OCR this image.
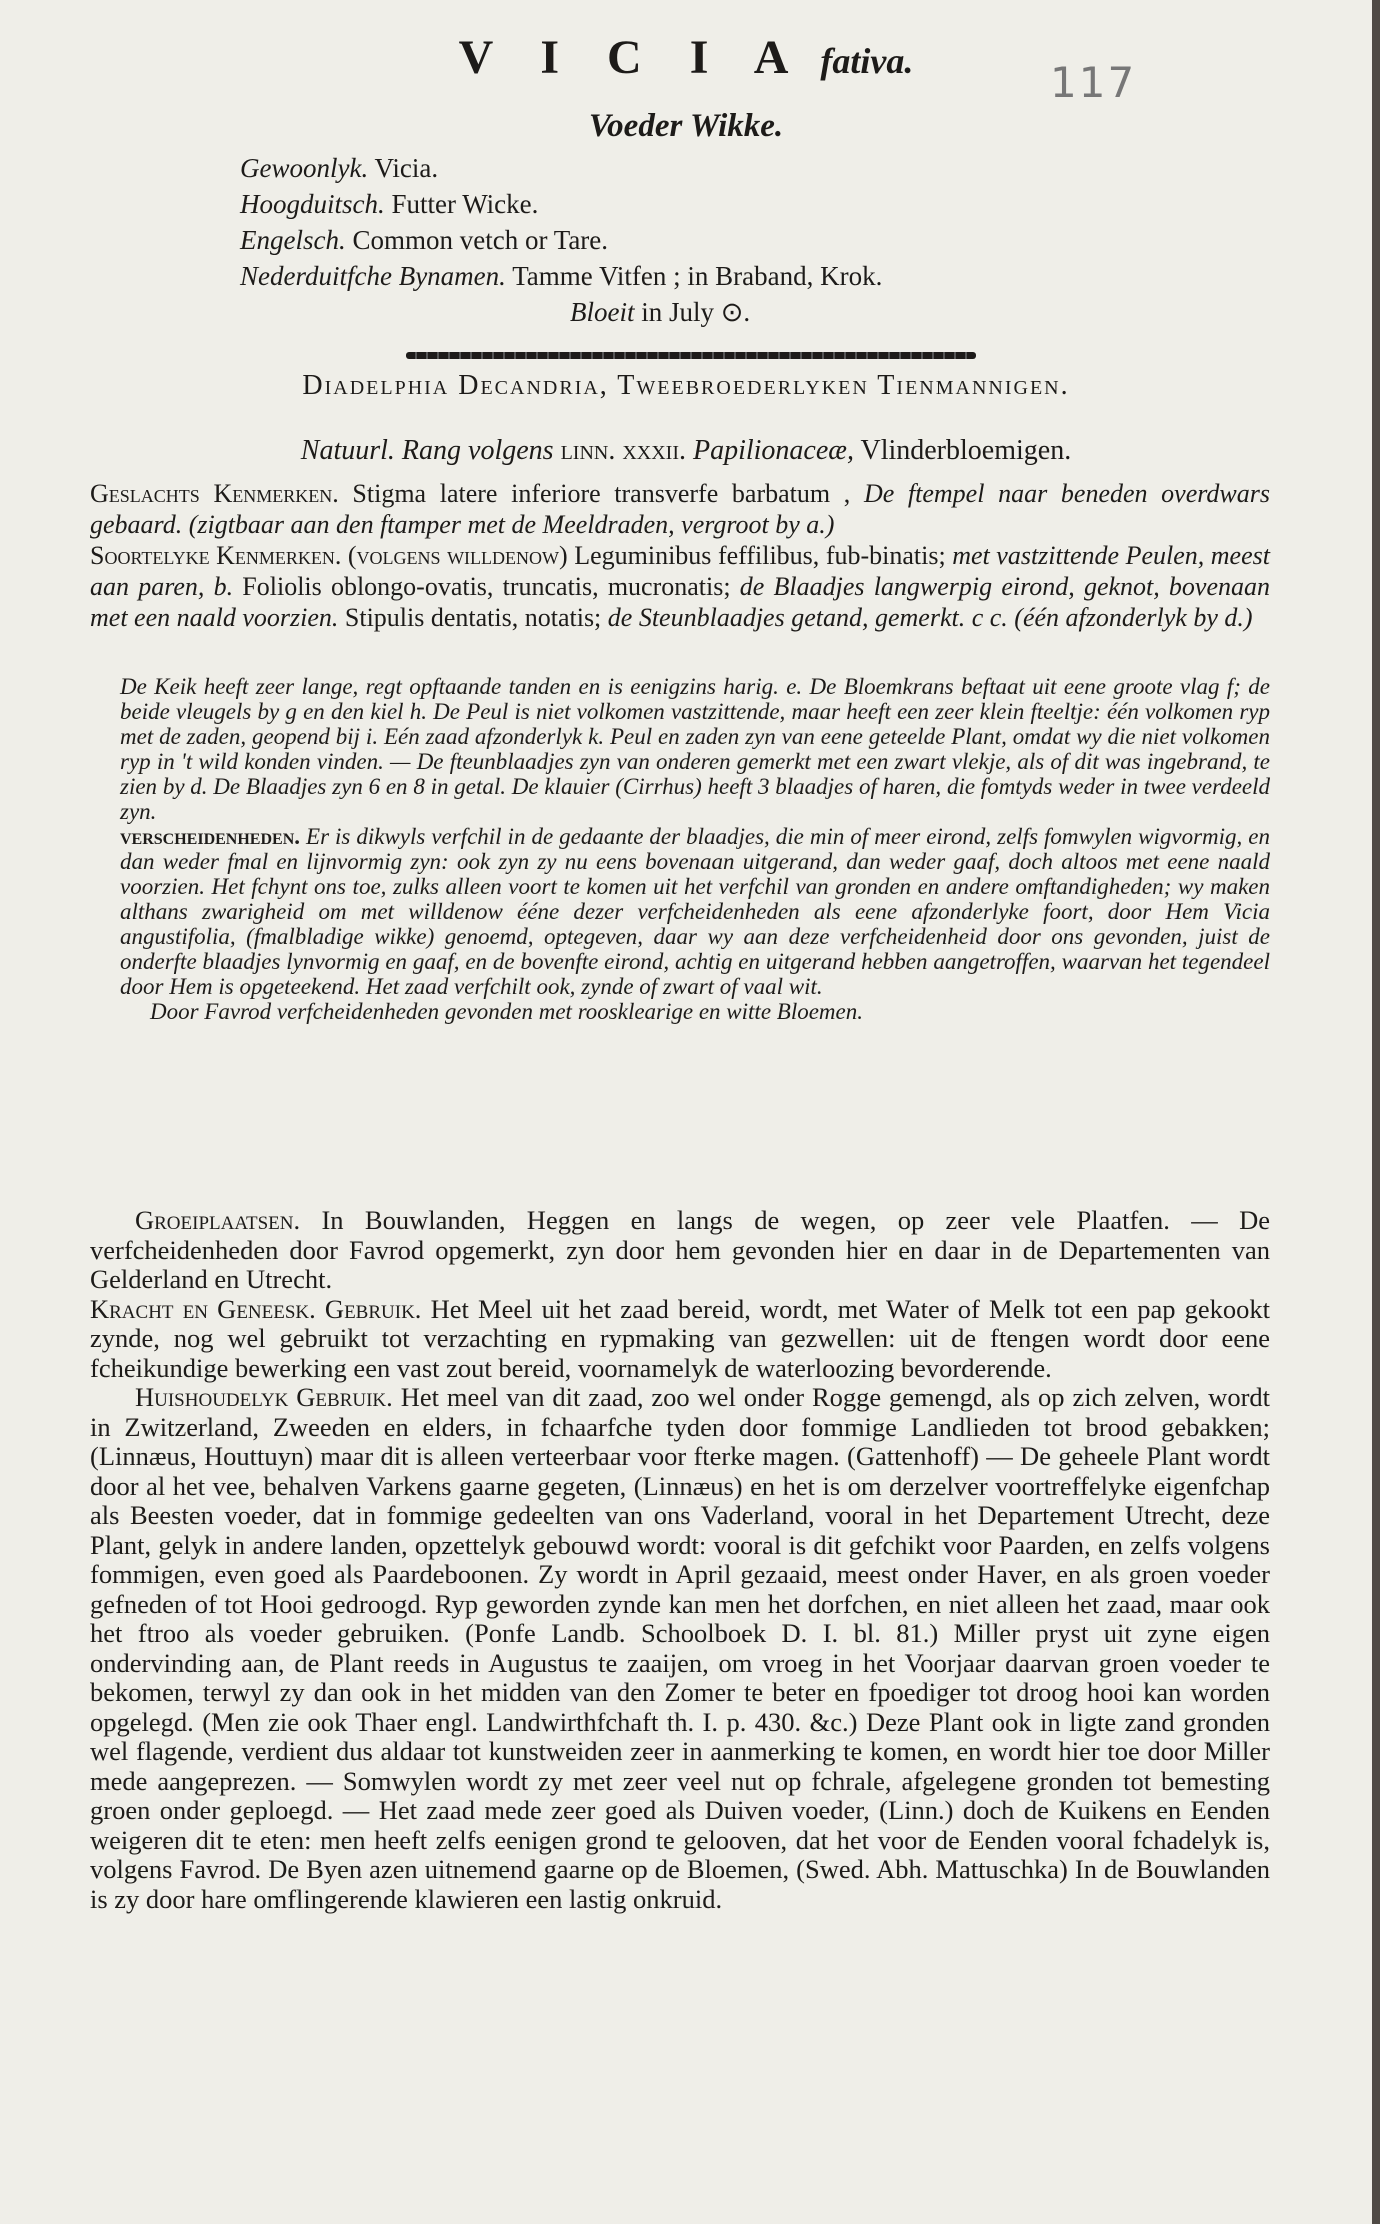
V I C I A fativa.	117
Voeder Wikke.
Gewoonlyk. Vicia.
Hoogduitsch. Futter Wicke.
Engelsch. Common vetch or Tare.
Nederduitfche Bynamen. Tamme Vitfen ; in Braband, Krok.
Bloeit in July ⊙.
Diadelphia Decandria, Tweebroederlyken Tienmannigen.
Natuurl. Rang volgens linn. xxxii. Papilionaceæ, Vlinderbloemigen.
Geslachts Kenmerken. Stigma latere inferiore transverfe barbatum , De ftempel naar beneden overdwars gebaard. (zigtbaar aan den ftamper met de Meeldraden, vergroot by a.)
Soortelyke Kenmerken. (volgens willdenow) Leguminibus feffilibus, fub-binatis; met vastzittende Peulen, meest aan paren, b. Foliolis oblongo-ovatis, truncatis, mucronatis; de Blaadjes langwerpig eirond, geknot, bovenaan met een naald voorzien. Stipulis dentatis, notatis; de Steunblaadjes getand, gemerkt. c c. (één afzonderlyk by d.)

De Keik heeft zeer lange, regt opftaande tanden en is eenigzins harig. e. De Bloemkrans beftaat uit eene groote vlag f; de beide vleugels by g en den kiel h. De Peul is niet volkomen vastzittende, maar heeft een zeer klein fteeltje: één volkomen ryp met de zaden, geopend bij i. Eén zaad afzonderlyk k. Peul en zaden zyn van eene geteelde Plant, omdat wy die niet volkomen ryp in 't wild konden vinden. — De fteunblaadjes zyn van onderen gemerkt met een zwart vlekje, als of dit was ingebrand, te zien by d. De Blaadjes zyn 6 en 8 in getal. De klauier (Cirrhus) heeft 3 blaadjes of haren, die fomtyds weder in twee verdeeld zyn.

verscheidenheden. Er is dikwyls verfchil in de gedaante der blaadjes, die min of meer eirond, zelfs fomwylen wigvormig, en dan weder fmal en lijnvormig zyn: ook zyn zy nu eens bovenaan uitgerand, dan weder gaaf, doch altoos met eene naald voorzien. Het fchynt ons toe, zulks alleen voort te komen uit het verfchil van gronden en andere omftandigheden; wy maken althans zwarigheid om met willdenow ééne dezer verfcheidenheden als eene afzonderlyke foort, door Hem Vicia angustifolia, (fmalbladige wikke) genoemd, optegeven, daar wy aan deze verfcheidenheid door ons gevonden, juist de onderfte blaadjes lynvormig en gaaf, en de bovenfte eirond, achtig en uitgerand hebben aangetroffen, waarvan het tegendeel door Hem is opgeteekend. Het zaad verfchilt ook, zynde of zwart of vaal wit.

Door Favrod verfcheidenheden gevonden met roosklearige en witte Bloemen.

Groeiplaatsen. In Bouwlanden, Heggen en langs de wegen, op zeer vele Plaatfen. — De verfcheidenheden door Favrod opgemerkt, zyn door hem gevonden hier en daar in de Departementen van Gelderland en Utrecht.

Kracht en Geneesk. Gebruik. Het Meel uit het zaad bereid, wordt, met Water of Melk tot een pap gekookt zynde, nog wel gebruikt tot verzachting en rypmaking van gezwellen: uit de ftengen wordt door eene fcheikundige bewerking een vast zout bereid, voornamelyk de waterloozing bevorderende.

Huishoudelyk Gebruik. Het meel van dit zaad, zoo wel onder Rogge gemengd, als op zich zelven, wordt in Zwitzerland, Zweeden en elders, in fchaarfche tyden door fommige Landlieden tot brood gebakken; (Linnæus, Houttuyn) maar dit is alleen verteerbaar voor fterke magen. (Gattenhoff) — De geheele Plant wordt door al het vee, behalven Varkens gaarne gegeten, (Linnæus) en het is om derzelver voortreffelyke eigenfchap als Beesten voeder, dat in fommige gedeelten van ons Vaderland, vooral in het Departement Utrecht, deze Plant, gelyk in andere landen, opzettelyk gebouwd wordt: vooral is dit gefchikt voor Paarden, en zelfs volgens fommigen, even goed als Paardeboonen. Zy wordt in April gezaaid, meest onder Haver, en als groen voeder gefneden of tot Hooi gedroogd. Ryp geworden zynde kan men het dorfchen, en niet alleen het zaad, maar ook het ftroo als voeder gebruiken. (Ponfe Landb. Schoolboek D. I. bl. 81.) Miller pryst uit zyne eigen ondervinding aan, de Plant reeds in Augustus te zaaijen, om vroeg in het Voorjaar daarvan groen voeder te bekomen, terwyl zy dan ook in het midden van den Zomer te beter en fpoediger tot droog hooi kan worden opgelegd. (Men zie ook Thaer engl. Landwirthfchaft th. I. p. 430. &c.) Deze Plant ook in ligte zand gronden wel flagende, verdient dus aldaar tot kunstweiden zeer in aanmerking te komen, en wordt hier toe door Miller mede aangeprezen. — Somwylen wordt zy met zeer veel nut op fchrale, afgelegene gronden tot bemesting groen onder geploegd. — Het zaad mede zeer goed als Duiven voeder, (Linn.) doch de Kuikens en Eenden weigeren dit te eten: men heeft zelfs eenigen grond te gelooven, dat het voor de Eenden vooral fchadelyk is, volgens Favrod. De Byen azen uitnemend gaarne op de Bloemen, (Swed. Abh. Mattuschka) In de Bouwlanden is zy door hare omflingerende klawieren een lastig onkruid.
